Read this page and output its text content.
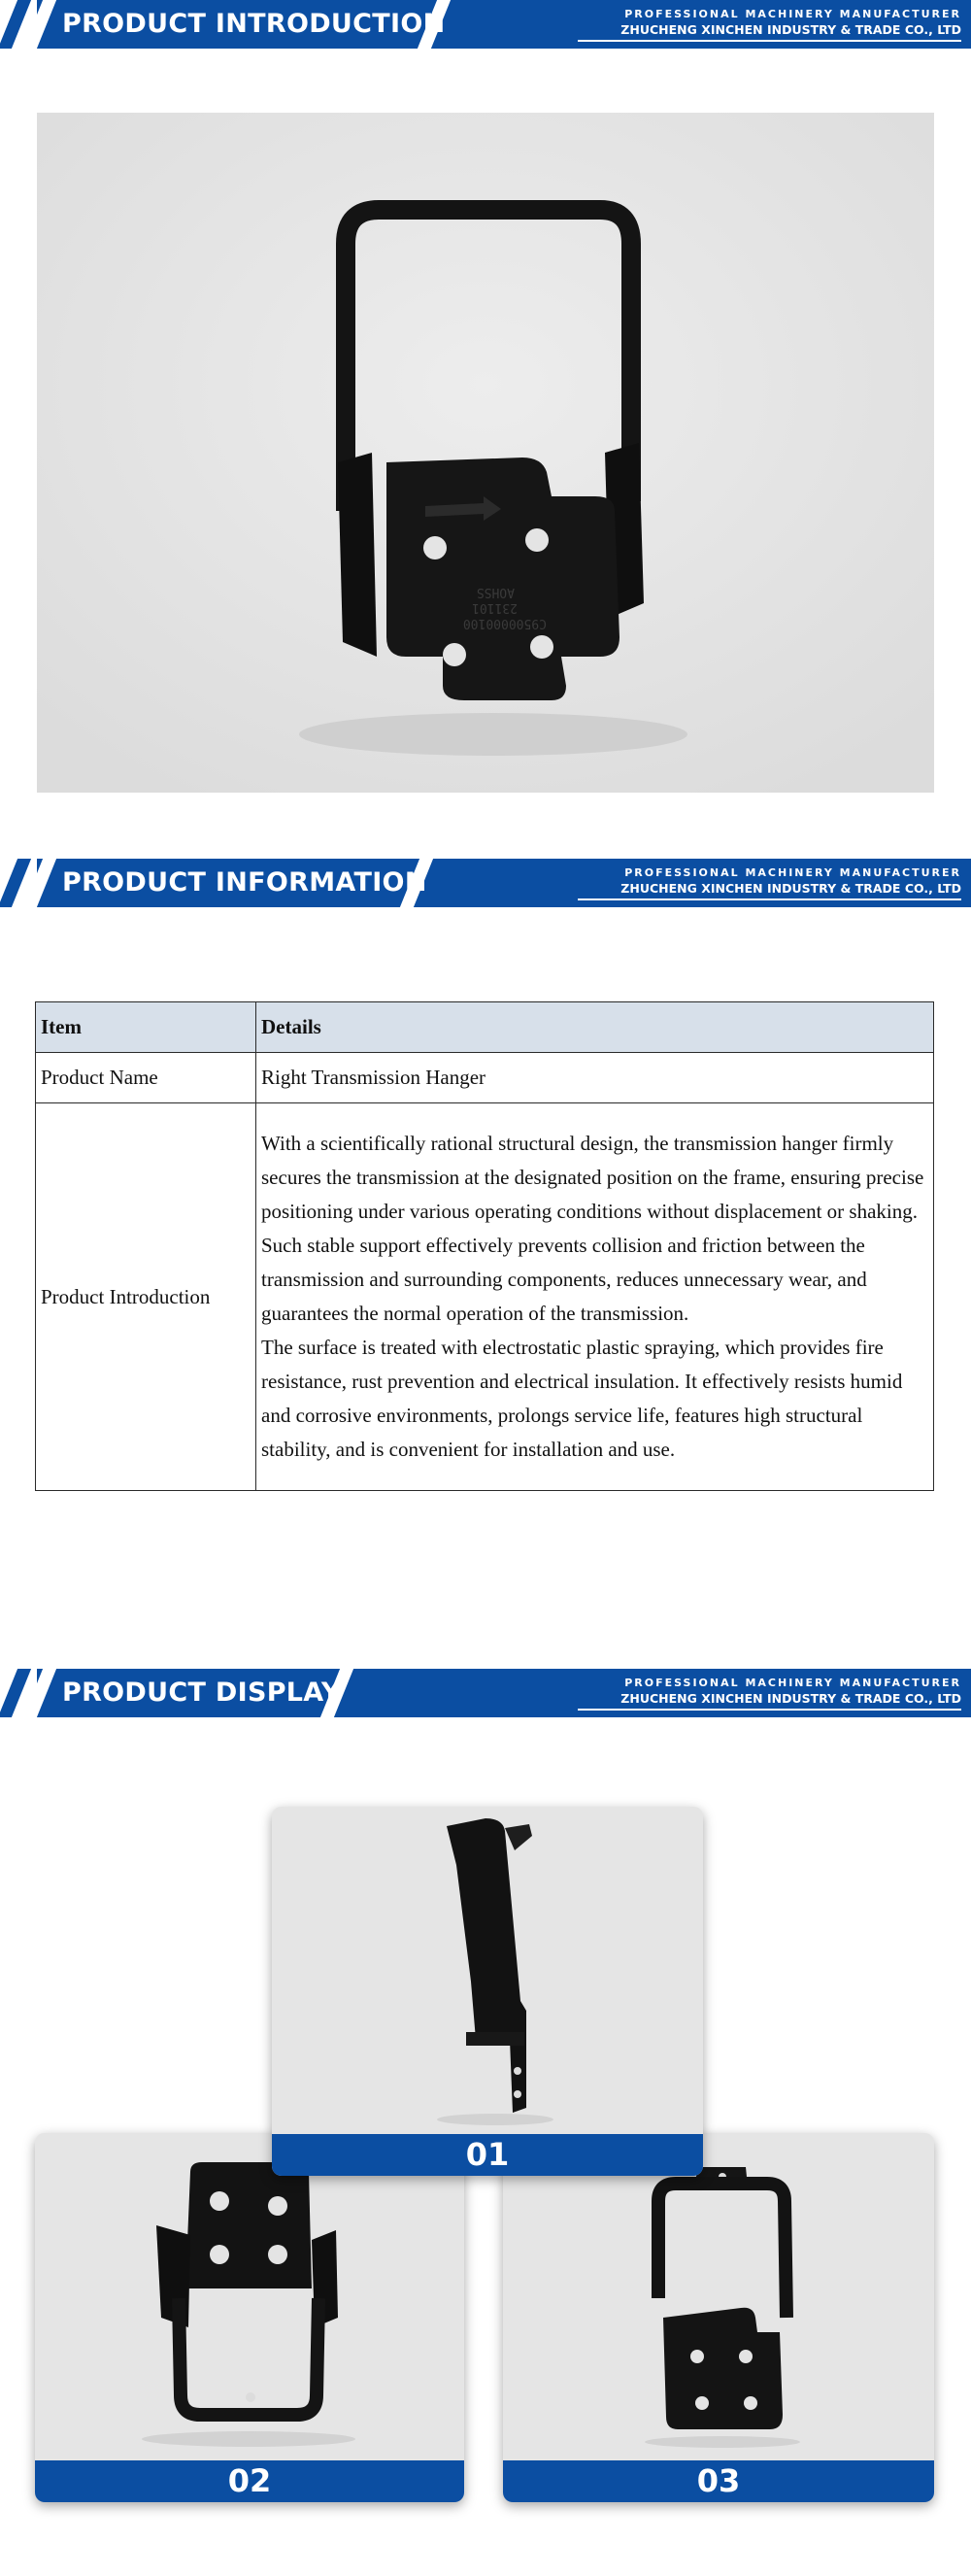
PRODUCT INTRODUCTION	PROFESSIONAL MACHINERY MANUFACTURER
ZHUCHENG XINCHEN INDUSTRY & TRADE CO., LTD
C9500000100
231101
AOHSS
PRODUCT INFORMATION	PROFESSIONAL MACHINERY MANUFACTURER
ZHUCHENG XINCHEN INDUSTRY & TRADE CO., LTD
Item	Details
Product Name	Right Transmission Hanger
Product Introduction	With a scientifically rational structural design, the transmission hanger firmly secures the transmission at the designated position on the frame, ensuring precise positioning under various operating conditions without displacement or shaking.

Such stable support effectively prevents collision and friction between the transmission and surrounding components, reduces unnecessary wear, and guarantees the normal operation of the transmission.

The surface is treated with electrostatic plastic spraying, which provides fire resistance, rust prevention and electrical insulation. It effectively resists humid and corrosive environments, prolongs service life, features high structural stability, and is convenient for installation and use.

PRODUCT DISPLAY	PROFESSIONAL MACHINERY MANUFACTURER
ZHUCHENG XINCHEN INDUSTRY & TRADE CO., LTD
01
02	03
